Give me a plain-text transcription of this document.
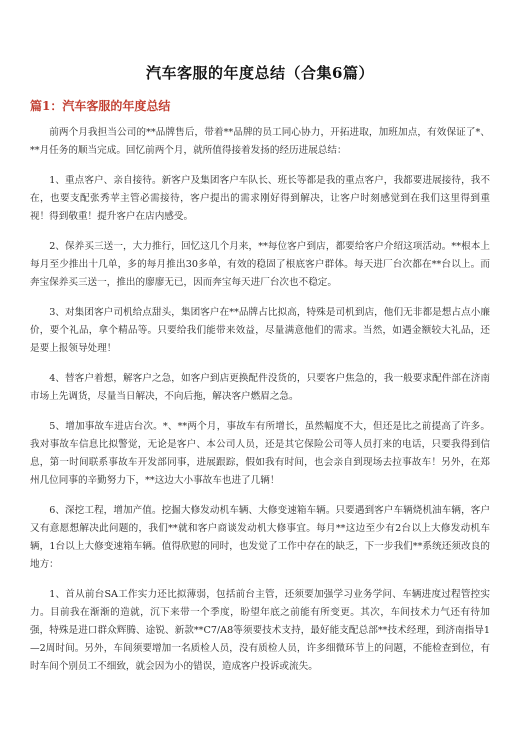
汽车客服的年度总结（合集6篇）
篇1：汽车客服的年度总结

前两个月我担当公司的**品牌售后，带着**品牌的员工同心协力，开拓进取，加班加点，有效保证了*、**月任务的顺当完成。回忆前两个月，就所值得接着发扬的经历进展总结：

1、重点客户、亲自接待。新客户及集团客户车队长、班长等都是我的重点客户，我都要进展接待，我不在，也要支配张秀苹主管必需接待，客户提出的需求刚好得到解决，让客户时刻感觉到在我们这里得到重视！得到敬重！提升客户在店内感受。

2、保养买三送一，大力推行，回忆这几个月来，**每位客户到店，都要给客户介绍这项活动。**根本上每月至少推出十几单，多的每月推出30多单，有效的稳固了根底客户群体。每天进厂台次都在**台以上。而奔宝保养买三送一，推出的廖廖无已，因而奔宝每天进厂台次也不稳定。

3、对集团客户司机给点甜头，集团客户在**品牌占比拟高，特殊是司机到店，他们无非都是想占点小廉价，要个礼品，拿个精品等。只要给我们能带来效益，尽量满意他们的需求。当然，如遇金额较大礼品，还是要上报领导处理！

4、替客户着想，解客户之急，如客户到店更换配件没货的，只要客户焦急的，我一般要求配件部在济南市场上先调货，尽量当日解决，不向后拖，解决客户燃眉之急。

5、增加事故车进店台次。*、**两个月，事故车有所增长，虽然幅度不大，但还是比之前提高了许多。我对事故车信息比拟警觉，无论是客户、本公司人员，还是其它保险公司等人员打来的电话，只要我得到信息，第一时间联系事故车开发部同事，进展跟踪，假如我有时间，也会亲自到现场去拉事故车！另外，在郑州几位同事的辛勤努力下，**这边大小事故车也进了几辆！

6、深挖工程，增加产值。挖掘大修发动机车辆、大修变速箱车辆。只要遇到客户车辆烧机油车辆，客户又有意愿想解决此问题的，我们**就和客户商谈发动机大修事宜。每月**这边至少有2台以上大修发动机车辆，1台以上大修变速箱车辆。值得欣慰的同时，也发觉了工作中存在的缺乏，下一步我们**系统还须改良的地方：

1、首从前台SA工作实力还比拟薄弱，包括前台主管，还须要加强学习业务学问、车辆进度过程管控实力。目前我在渐渐的造就，沉下来带一个季度，盼望年底之前能有所变更。其次，车间技术力气还有待加强，特殊是进口群众辉腾、途锐、新款**C7/A8等须要技术支持，最好能支配总部**技术经理，到济南指导1—2周时间。另外，车间须要增加一名质检人员，没有质检人员，许多细微环节上的问题，不能检查到位，有时车间个别员工不细致，就会因为小的错误，造成客户投诉或流失。
